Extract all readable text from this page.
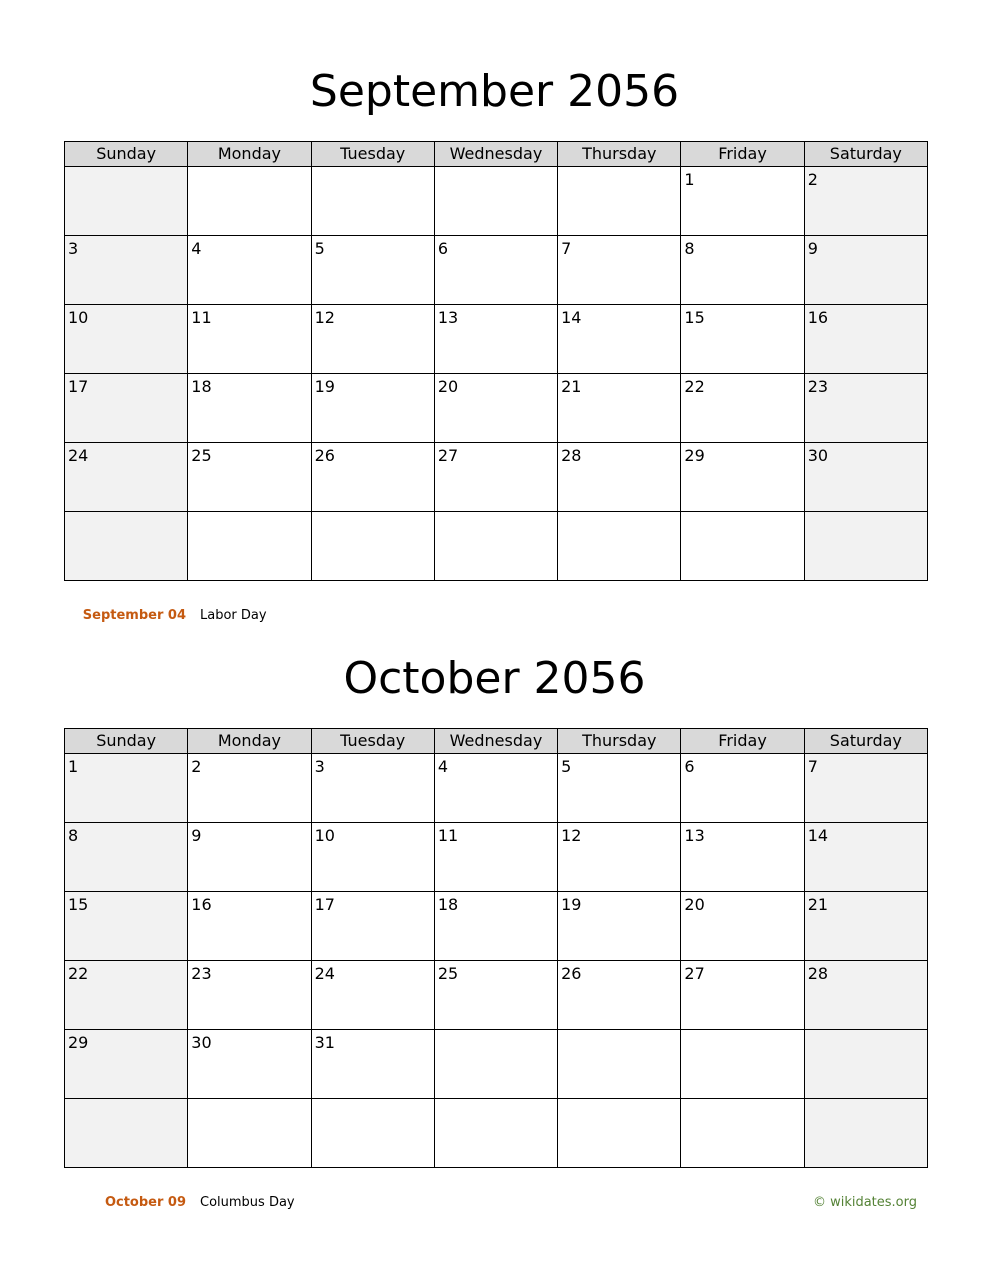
September 2056
Sunday	Monday	Tuesday	Wednesday	Thursday	Friday	Saturday

					1	2

3	4	5	6	7	8	9

10	11	12	13	14	15	16

17	18	19	20	21	22	23

24	25	26	27	28	29	30

September 04 Labor Day
October 2056
Sunday	Monday	Tuesday	Wednesday	Thursday	Friday	Saturday

1	2	3	4	5	6	7

8	9	10	11	12	13	14

15	16	17	18	19	20	21

22	23	24	25	26	27	28

29	30	31				

October 09 Columbus Day	© wikidates.org
